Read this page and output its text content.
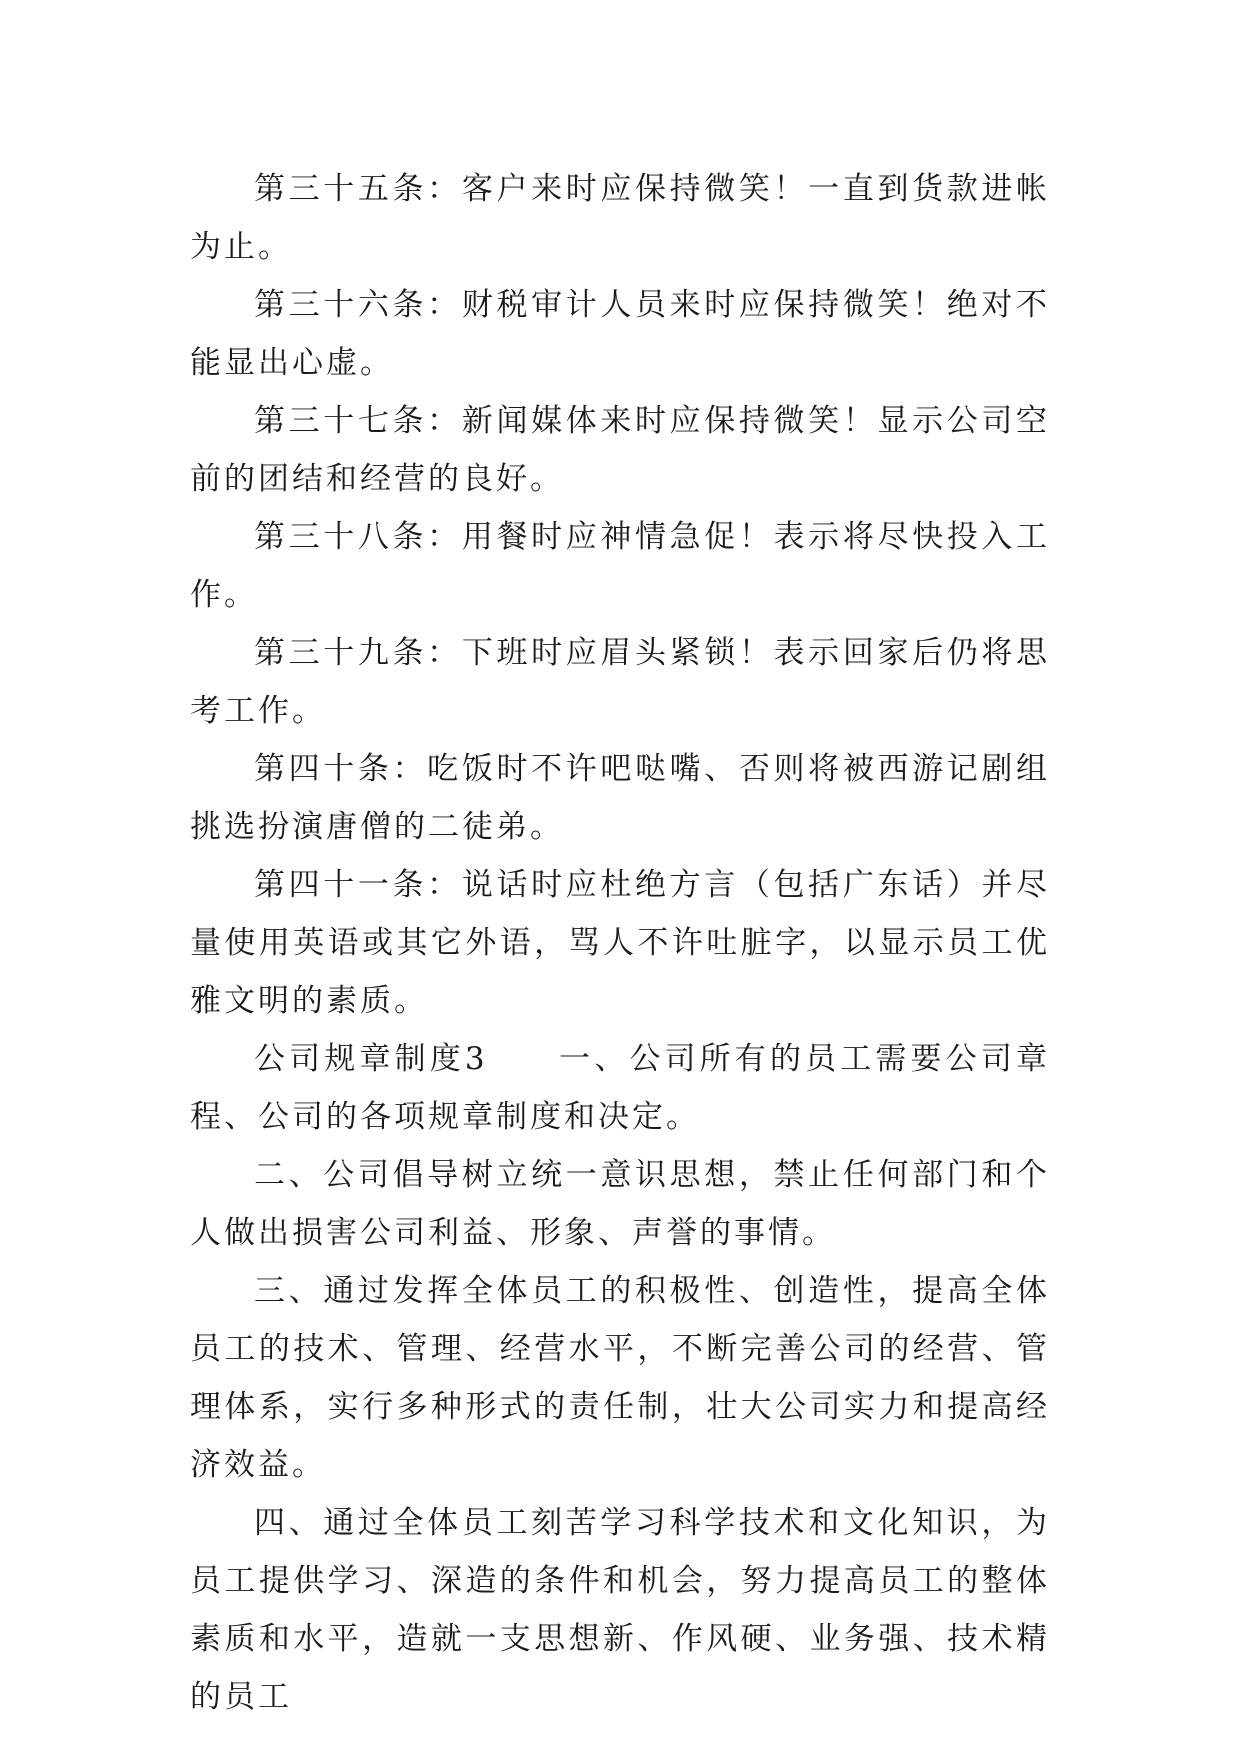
第三十五条：客户来时应保持微笑！一直到货款进帐为止。

第三十六条：财税审计人员来时应保持微笑！绝对不能显出心虚。

第三十七条：新闻媒体来时应保持微笑！显示公司空前的团结和经营的良好。

第三十八条：用餐时应神情急促！表示将尽快投入工作。

第三十九条：下班时应眉头紧锁！表示回家后仍将思考工作。

第四十条：吃饭时不许吧哒嘴、否则将被西游记剧组挑选扮演唐僧的二徒弟。

第四十一条：说话时应杜绝方言（包括广东话）并尽量使用英语或其它外语，骂人不许吐脏字，以显示员工优雅文明的素质。

公司规章制度3　　一、公司所有的员工需要公司章程、公司的各项规章制度和决定。

二、公司倡导树立统一意识思想，禁止任何部门和个人做出损害公司利益、形象、声誉的事情。

三、通过发挥全体员工的积极性、创造性，提高全体员工的技术、管理、经营水平，不断完善公司的经营、管理体系，实行多种形式的责任制，壮大公司实力和提高经济效益。

四、通过全体员工刻苦学习科学技术和文化知识，为员工提供学习、深造的条件和机会，努力提高员工的整体素质和水平，造就一支思想新、作风硬、业务强、技术精的员工
